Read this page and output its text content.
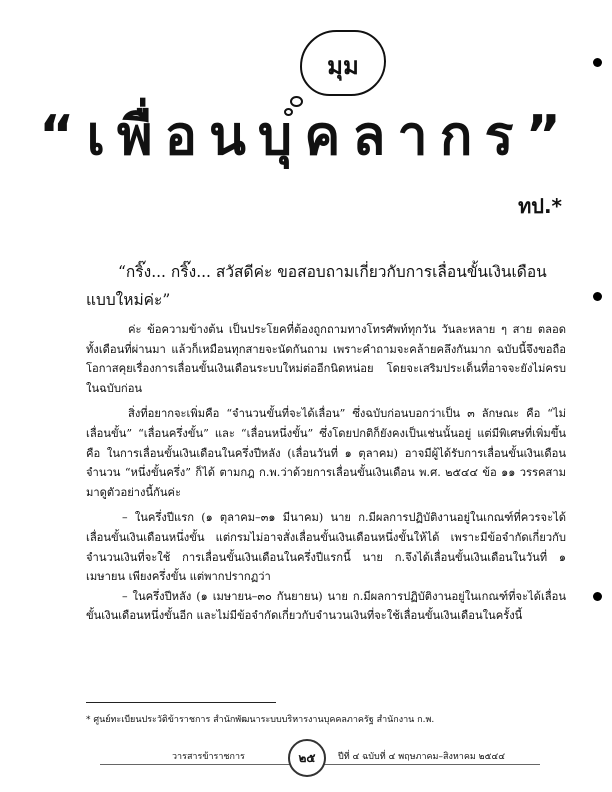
มุม
“เพื่อนบุคลากร”
ทป.*
“กริ๊ง... กริ๊ง... สวัสดีค่ะ ขอสอบถามเกี่ยวกับการเลื่อนขั้นเงินเดือนแบบใหม่ค่ะ”

ค่ะ ข้อความข้างต้น เป็นประโยคที่ต้องถูกถามทางโทรศัพท์ทุกวัน วันละหลาย ๆ สาย ตลอดทั้งเดือนที่ผ่านมา แล้วก็เหมือนทุกสายจะนัดกันถาม เพราะคำถามจะคล้ายคลึงกันมาก ฉบับนี้จึงขอถือโอกาสคุยเรื่องการเลื่อนขั้นเงินเดือนระบบใหม่ต่ออีกนิดหน่อย โดยจะเสริมประเด็นที่อาจจะยังไม่ครบในฉบับก่อน

สิ่งที่อยากจะเพิ่มคือ “จำนวนขั้นที่จะได้เลื่อน” ซึ่งฉบับก่อนบอกว่าเป็น ๓ ลักษณะ คือ “ไม่เลื่อนขั้น” “เลื่อนครึ่งขั้น” และ “เลื่อนหนึ่งขั้น” ซึ่งโดยปกติก็ยังคงเป็นเช่นนั้นอยู่ แต่มีพิเศษที่เพิ่มขึ้นคือ ในการเลื่อนขั้นเงินเดือนในครึ่งปีหลัง (เลื่อนวันที่ ๑ ตุลาคม) อาจมีผู้ได้รับการเลื่อนขั้นเงินเดือนจำนวน “หนึ่งขั้นครึ่ง” ก็ได้ ตามกฎ ก.พ.ว่าด้วยการเลื่อนขั้นเงินเดือน พ.ศ. ๒๕๔๔ ข้อ ๑๑ วรรคสาม มาดูตัวอย่างนี้กันค่ะ

– ในครึ่งปีแรก (๑ ตุลาคม–๓๑ มีนาคม) นาย ก.มีผลการปฏิบัติงานอยู่ในเกณฑ์ที่ควรจะได้เลื่อนขั้นเงินเดือนหนึ่งขั้น แต่กรมไม่อาจสั่งเลื่อนขั้นเงินเดือนหนึ่งขั้นให้ได้ เพราะมีข้อจำกัดเกี่ยวกับจำนวนเงินที่จะใช้ การเลื่อนขั้นเงินเดือนในครึ่งปีแรกนี้ นาย ก.จึงได้เลื่อนขั้นเงินเดือนในวันที่ ๑ เมษายน เพียงครึ่งขั้น แต่พากปรากฏว่า

– ในครึ่งปีหลัง (๑ เมษายน–๓๐ กันยายน) นาย ก.มีผลการปฏิบัติงานอยู่ในเกณฑ์ที่จะได้เลื่อนขั้นเงินเดือนหนึ่งขั้นอีก และไม่มีข้อจำกัดเกี่ยวกับจำนวนเงินที่จะใช้เลื่อนขั้นเงินเดือนในครั้งนี้

* ศูนย์ทะเบียนประวัติข้าราชการ สำนักพัฒนาระบบบริหารงานบุคคลภาครัฐ สำนักงาน ก.พ.
วารสารข้าราชการ	๒๕	ปีที่ ๔ ฉบับที่ ๔ พฤษภาคม–สิงหาคม ๒๕๔๔
